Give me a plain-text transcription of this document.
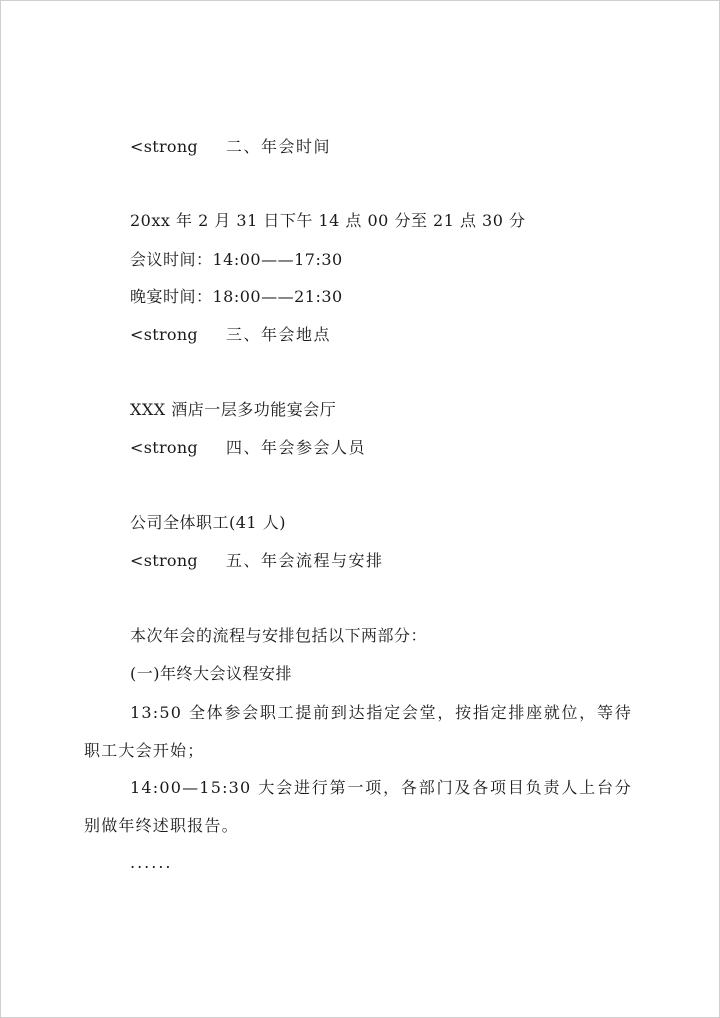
<strong 二、年会时间
20xx 年 2 月 31 日下午 14 点 00 分至 21 点 30 分
会议时间：14:00——17:30
晚宴时间：18:00——21:30
<strong 三、年会地点
XXX 酒店一层多功能宴会厅
<strong 四、年会参会人员
公司全体职工(41 人)
<strong 五、年会流程与安排
本次年会的流程与安排包括以下两部分：
(一)年终大会议程安排
13:50 全体参会职工提前到达指定会堂，按指定排座就位，等待职工大会开始；
14:00—15:30 大会进行第一项，各部门及各项目负责人上台分别做年终述职报告。
......
